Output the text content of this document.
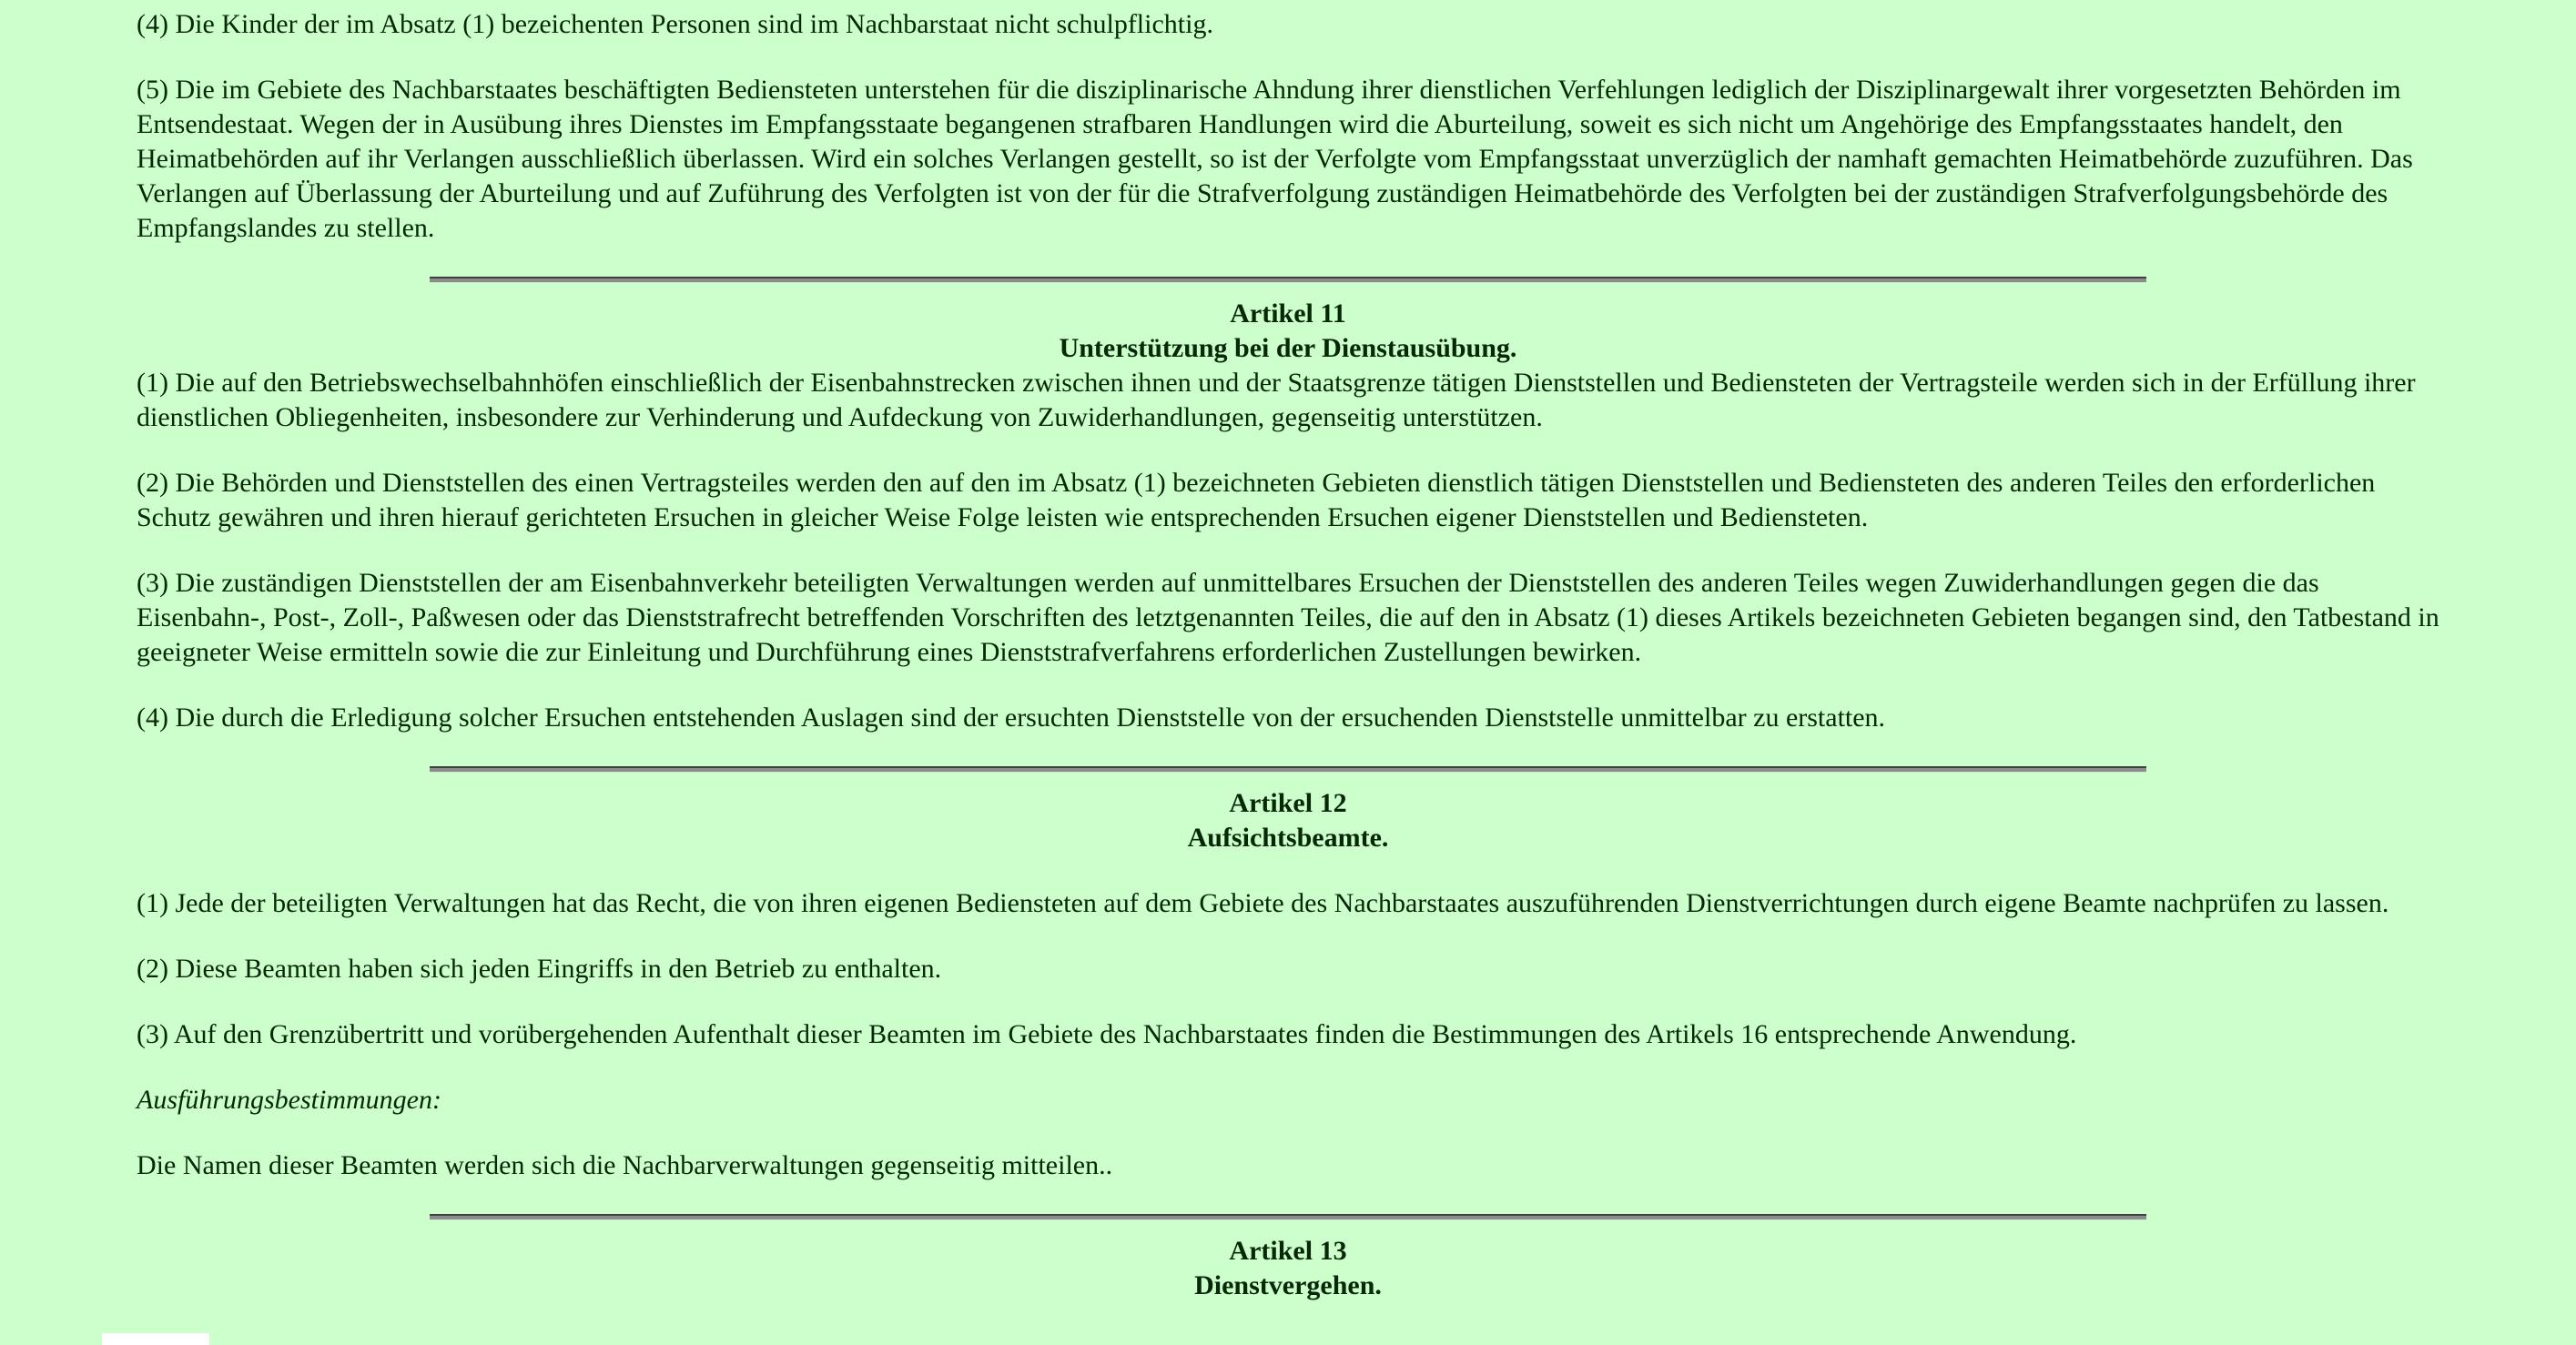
(4) Die Kinder der im Absatz (1) bezeichenten Personen sind im Nachbarstaat nicht schulpflichtig.

(5) Die im Gebiete des Nachbarstaates beschäftigten Bediensteten unterstehen für die disziplinarische Ahndung ihrer dienstlichen Verfehlungen lediglich der Disziplinargewalt ihrer vorgesetzten Behörden im Entsendestaat. Wegen der in Ausübung ihres Dienstes im Empfangsstaate begangenen strafbaren Handlungen wird die Aburteilung, soweit es sich nicht um Angehörige des Empfangsstaates handelt, den Heimatbehörden auf ihr Verlangen ausschließlich überlassen. Wird ein solches Verlangen gestellt, so ist der Verfolgte vom Empfangsstaat unverzüglich der namhaft gemachten Heimatbehörde zuzuführen. Das Verlangen auf Überlassung der Aburteilung und auf Zuführung des Verfolgten ist von der für die Strafverfolgung zuständigen Heimatbehörde des Verfolgten bei der zuständigen Strafverfolgungsbehörde des Empfangslandes zu stellen.

Artikel 11
Unterstützung bei der Dienstausübung.

(1) Die auf den Betriebswechselbahnhöfen einschließlich der Eisenbahnstrecken zwischen ihnen und der Staatsgrenze tätigen Dienststellen und Bediensteten der Vertragsteile werden sich in der Erfüllung ihrer dienstlichen Obliegenheiten, insbesondere zur Verhinderung und Aufdeckung von Zuwiderhandlungen, gegenseitig unterstützen.

(2) Die Behörden und Dienststellen des einen Vertragsteiles werden den auf den im Absatz (1) bezeichneten Gebieten dienstlich tätigen Dienststellen und Bediensteten des anderen Teiles den erforderlichen Schutz gewähren und ihren hierauf gerichteten Ersuchen in gleicher Weise Folge leisten wie entsprechenden Ersuchen eigener Dienststellen und Bediensteten.

(3) Die zuständigen Dienststellen der am Eisenbahnverkehr beteiligten Verwaltungen werden auf unmittelbares Ersuchen der Dienststellen des anderen Teiles wegen Zuwiderhandlungen gegen die das Eisenbahn-, Post-, Zoll-, Paßwesen oder das Dienststrafrecht betreffenden Vorschriften des letztgenannten Teiles, die auf den in Absatz (1) dieses Artikels bezeichneten Gebieten begangen sind, den Tatbestand in geeigneter Weise ermitteln sowie die zur Einleitung und Durchführung eines Dienststrafverfahrens erforderlichen Zustellungen bewirken.

(4) Die durch die Erledigung solcher Ersuchen entstehenden Auslagen sind der ersuchten Dienststelle von der ersuchenden Dienststelle unmittelbar zu erstatten.

Artikel 12
Aufsichtsbeamte.

(1) Jede der beteiligten Verwaltungen hat das Recht, die von ihren eigenen Bediensteten auf dem Gebiete des Nachbarstaates auszuführenden Dienstverrichtungen durch eigene Beamte nachprüfen zu lassen.

(2) Diese Beamten haben sich jeden Eingriffs in den Betrieb zu enthalten.

(3) Auf den Grenzübertritt und vorübergehenden Aufenthalt dieser Beamten im Gebiete des Nachbarstaates finden die Bestimmungen des Artikels 16 entsprechende Anwendung.

Ausführungsbestimmungen:

Die Namen dieser Beamten werden sich die Nachbarverwaltungen gegenseitig mitteilen..

Artikel 13
Dienstvergehen.
